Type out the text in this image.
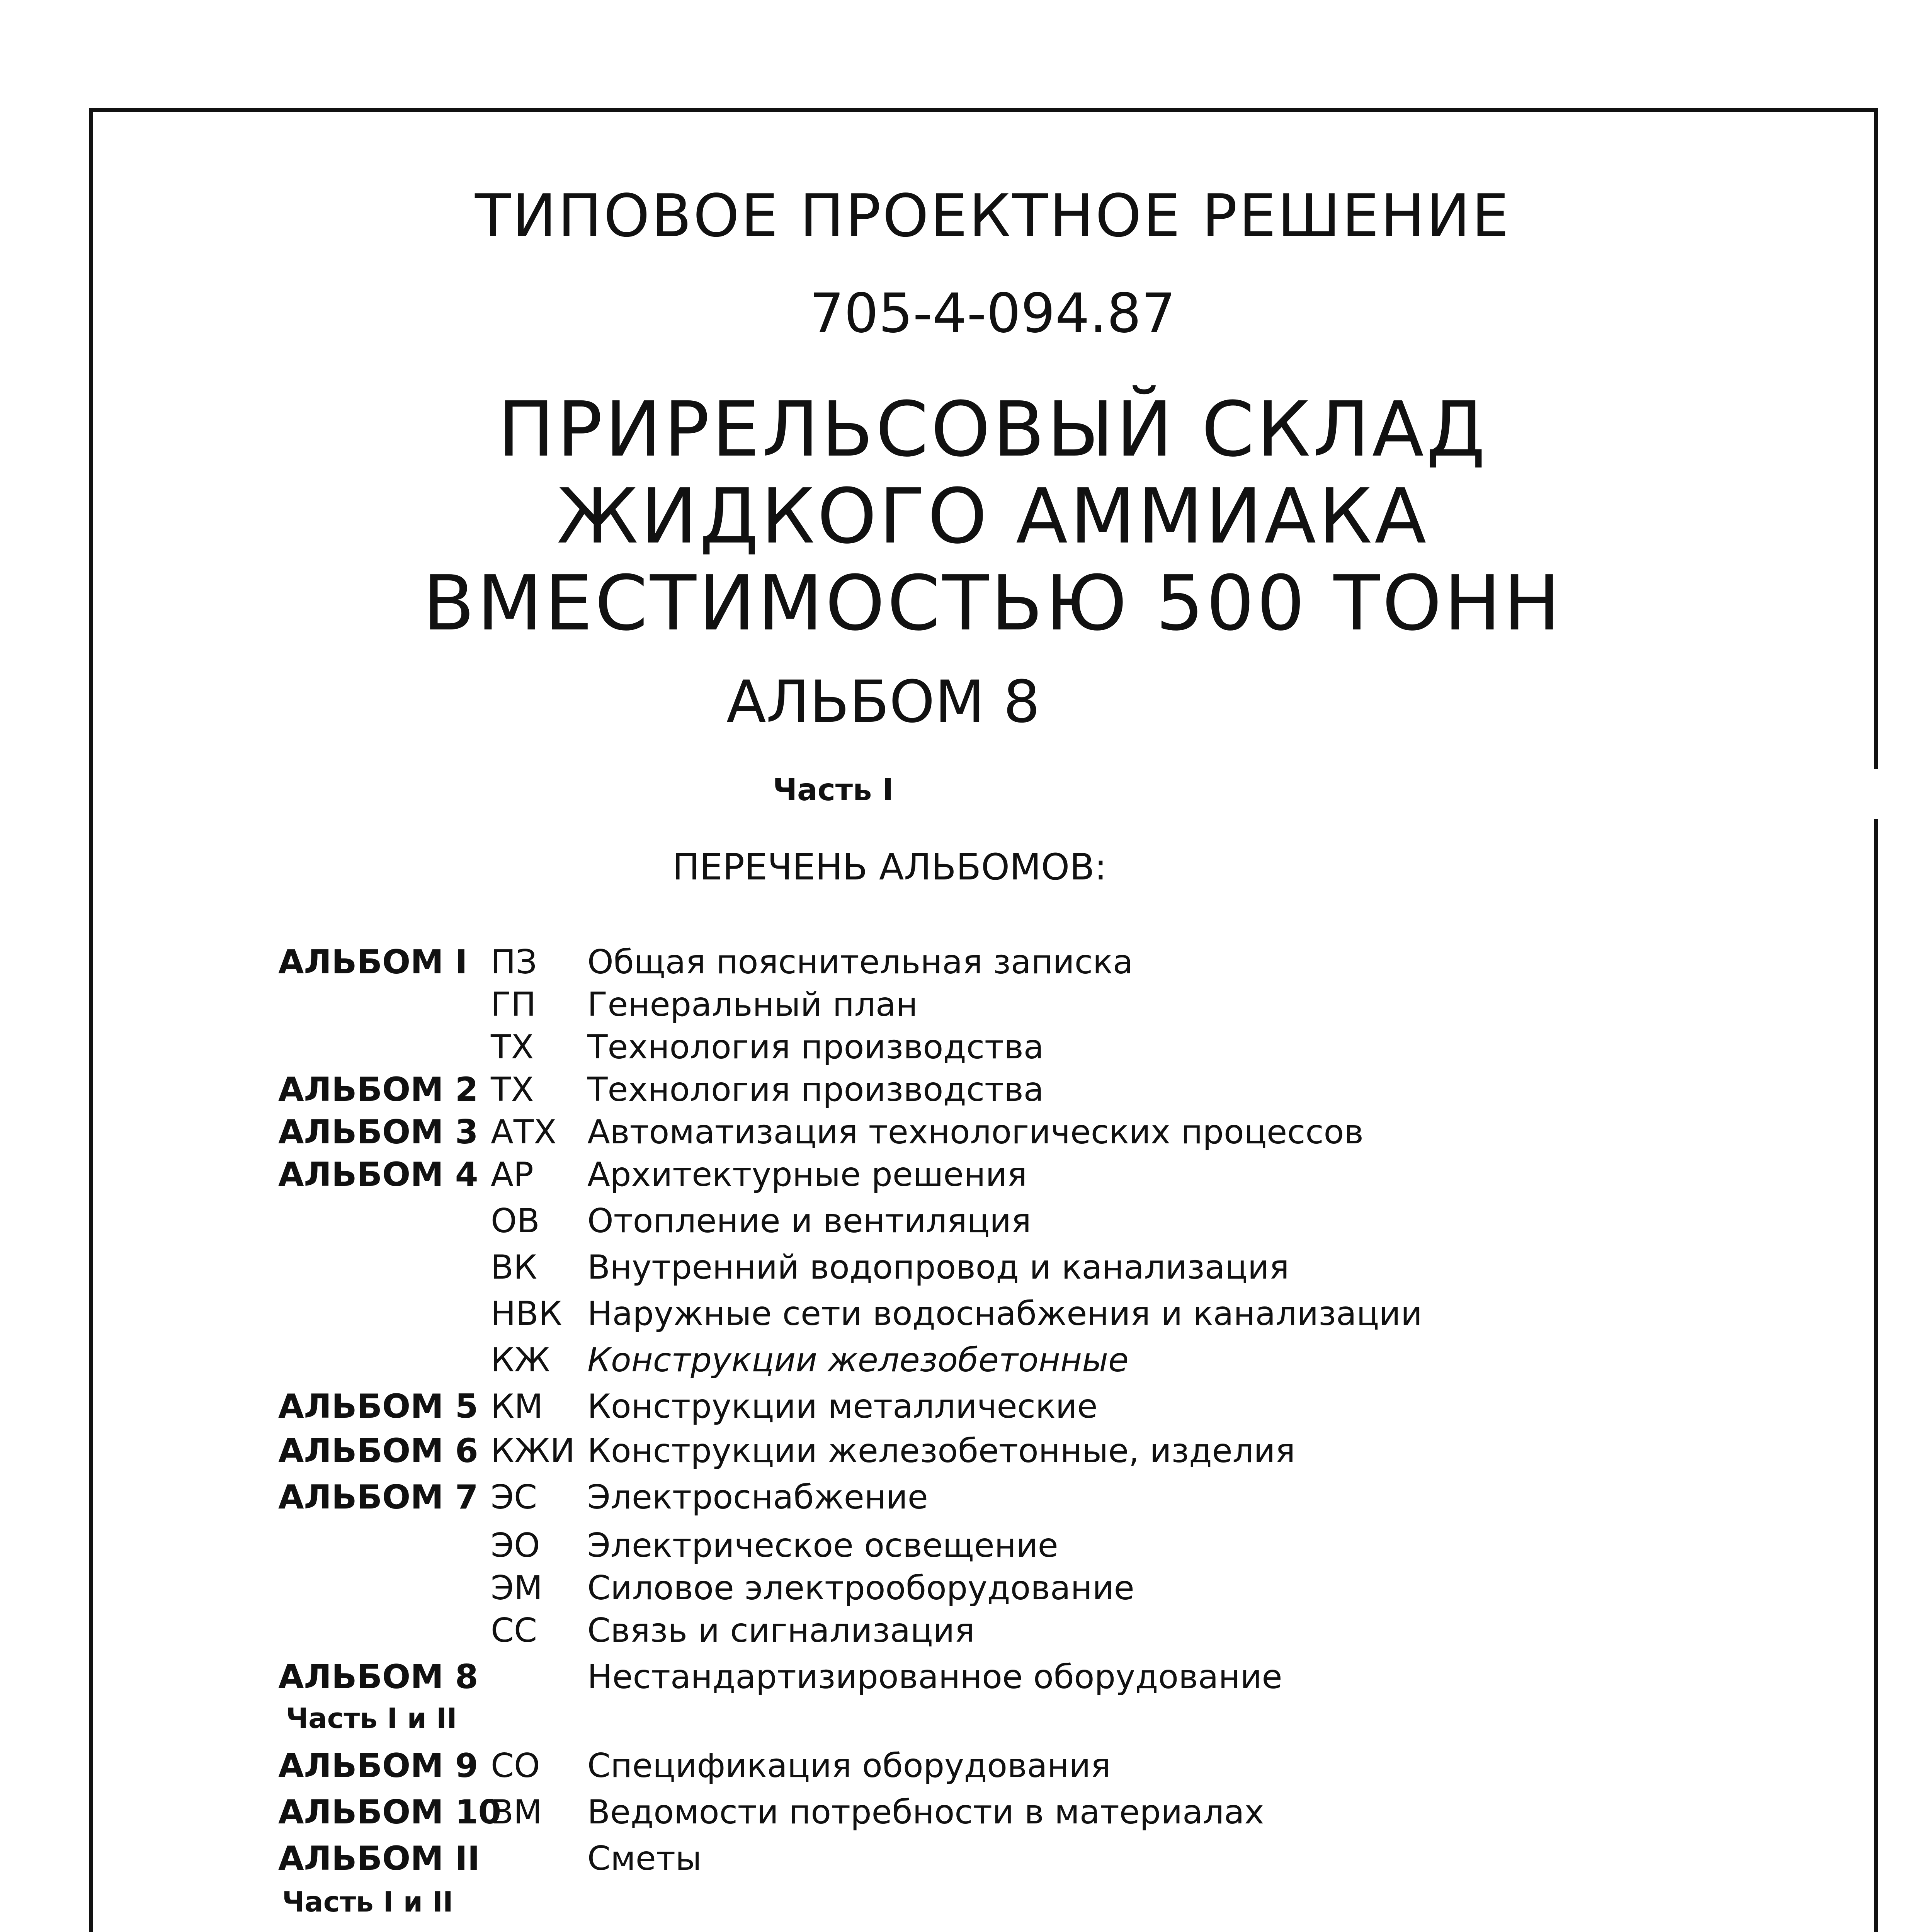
ТИПОВОЕ ПРОЕКТНОЕ РЕШЕНИЕ
705-4-094.87
ПРИРЕЛЬСОВЫЙ СКЛАД
ЖИДКОГО АММИАКА
ВМЕСТИМОСТЬЮ 500 ТОНН
АЛЬБОМ 8
Часть I
ПЕРЕЧЕНЬ АЛЬБОМОВ:
АЛЬБОМ I ПЗ Общая пояснительная записка
ГП Генеральный план
ТХ Технология производства
АЛЬБОМ 2 ТХ Технология производства
АЛЬБОМ 3 АТХ Автоматизация технологических процессов
АЛЬБОМ 4 АР Архитектурные решения
ОВ Отопление и вентиляция
ВК Внутренний водопровод и канализация
НВК Наружные сети водоснабжения и канализации
КЖ Конструкции железобетонные
АЛЬБОМ 5 КМ Конструкции металлические
АЛЬБОМ 6 КЖИ Конструкции железобетонные, изделия
АЛЬБОМ 7 ЭС Электроснабжение
ЭО Электрическое освещение
ЭМ Силовое электрооборудование
СС Связь и сигнализация
АЛЬБОМ 8	Нестандартизированное оборудование
Часть I и II
АЛЬБОМ 9 СО Спецификация оборудования
АЛЬБОМ 10
ВМ Ведомости потребности в материалах
АЛЬБОМ II	Сметы
Часть I и II
